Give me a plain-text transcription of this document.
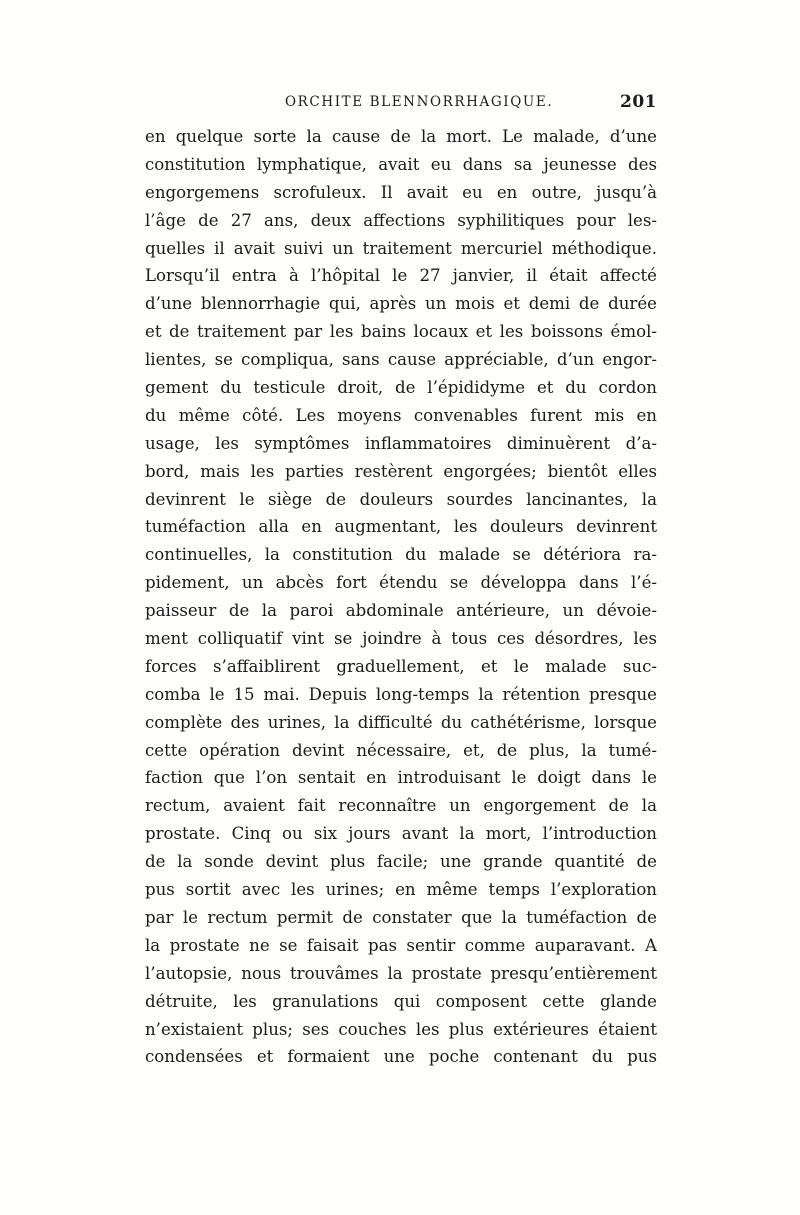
ORCHITE BLENNORRHAGIQUE.	201
en quelque sorte la cause de la mort. Le malade, d’une
constitution lymphatique, avait eu dans sa jeunesse des
engorgemens scrofuleux. Il avait eu en outre, jusqu’à
l’âge de 27 ans, deux affections syphilitiques pour les-
quelles il avait suivi un traitement mercuriel méthodique.
Lorsqu’il entra à l’hôpital le 27 janvier, il était affecté
d’une blennorrhagie qui, après un mois et demi de durée
et de traitement par les bains locaux et les boissons émol-
lientes, se compliqua, sans cause appréciable, d’un engor-
gement du testicule droit, de l’épididyme et du cordon
du même côté. Les moyens convenables furent mis en
usage, les symptômes inflammatoires diminuèrent d’a-
bord, mais les parties restèrent engorgées; bientôt elles
devinrent le siège de douleurs sourdes lancinantes, la
tuméfaction alla en augmentant, les douleurs devinrent
continuelles, la constitution du malade se détériora ra-
pidement, un abcès fort étendu se développa dans l’é-
paisseur de la paroi abdominale antérieure, un dévoie-
ment colliquatif vint se joindre à tous ces désordres, les
forces s’affaiblirent graduellement, et le malade suc-
comba le 15 mai. Depuis long-temps la rétention presque
complète des urines, la difficulté du cathétérisme, lorsque
cette opération devint nécessaire, et, de plus, la tumé-
faction que l’on sentait en introduisant le doigt dans le
rectum, avaient fait reconnaître un engorgement de la
prostate. Cinq ou six jours avant la mort, l’introduction
de la sonde devint plus facile; une grande quantité de
pus sortit avec les urines; en même temps l’exploration
par le rectum permit de constater que la tuméfaction de
la prostate ne se faisait pas sentir comme auparavant. A
l’autopsie, nous trouvâmes la prostate presqu’entièrement
détruite, les granulations qui composent cette glande
n’existaient plus; ses couches les plus extérieures étaient
condensées et formaient une poche contenant du pus
